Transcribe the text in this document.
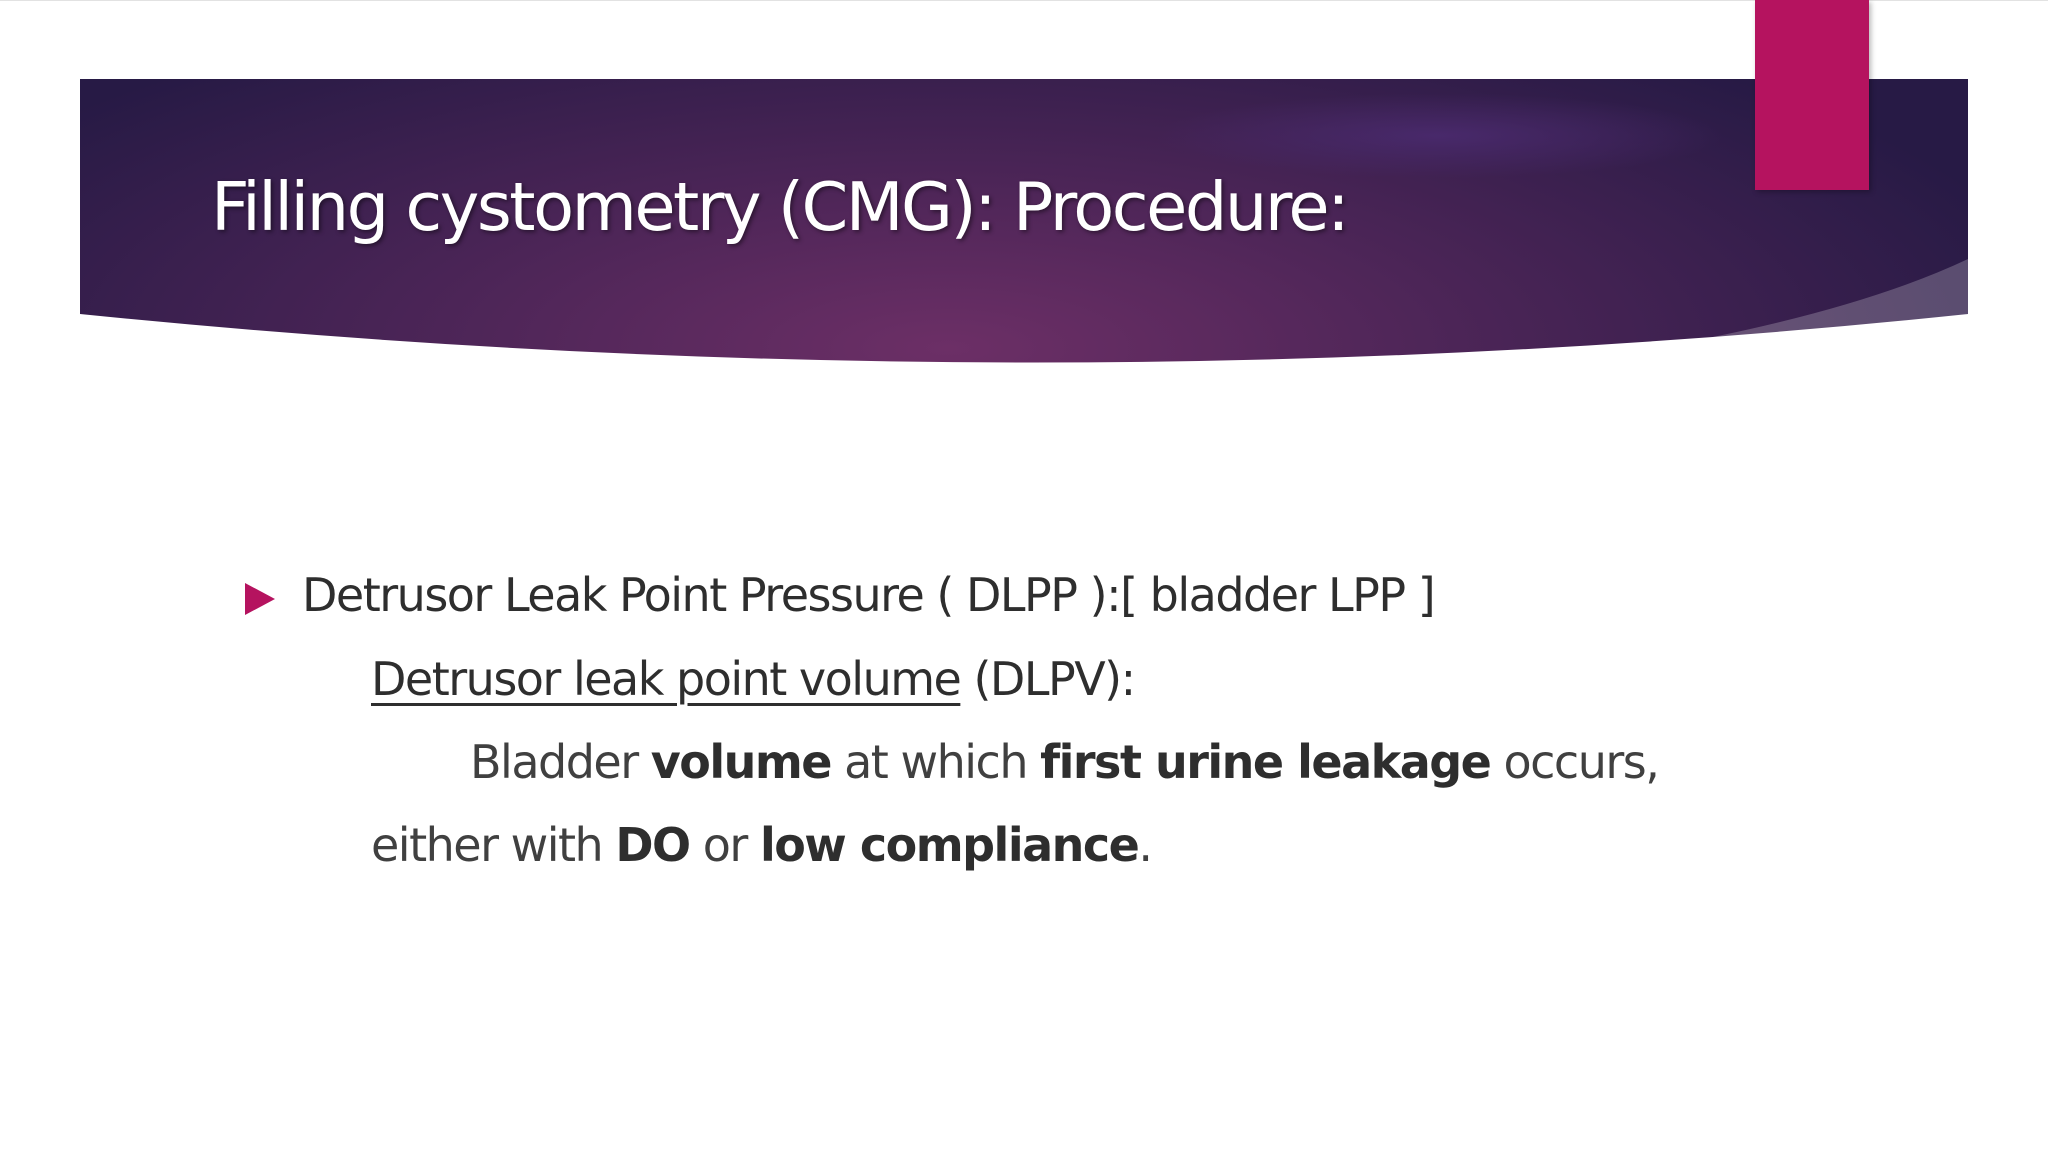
Filling cystometry (CMG): Procedure:

Detrusor Leak Point Pressure ( DLPP ):[ bladder LPP ]

Detrusor leak point volume (DLPV):

Bladder volume at which first urine leakage occurs,

either with DO or low compliance.
